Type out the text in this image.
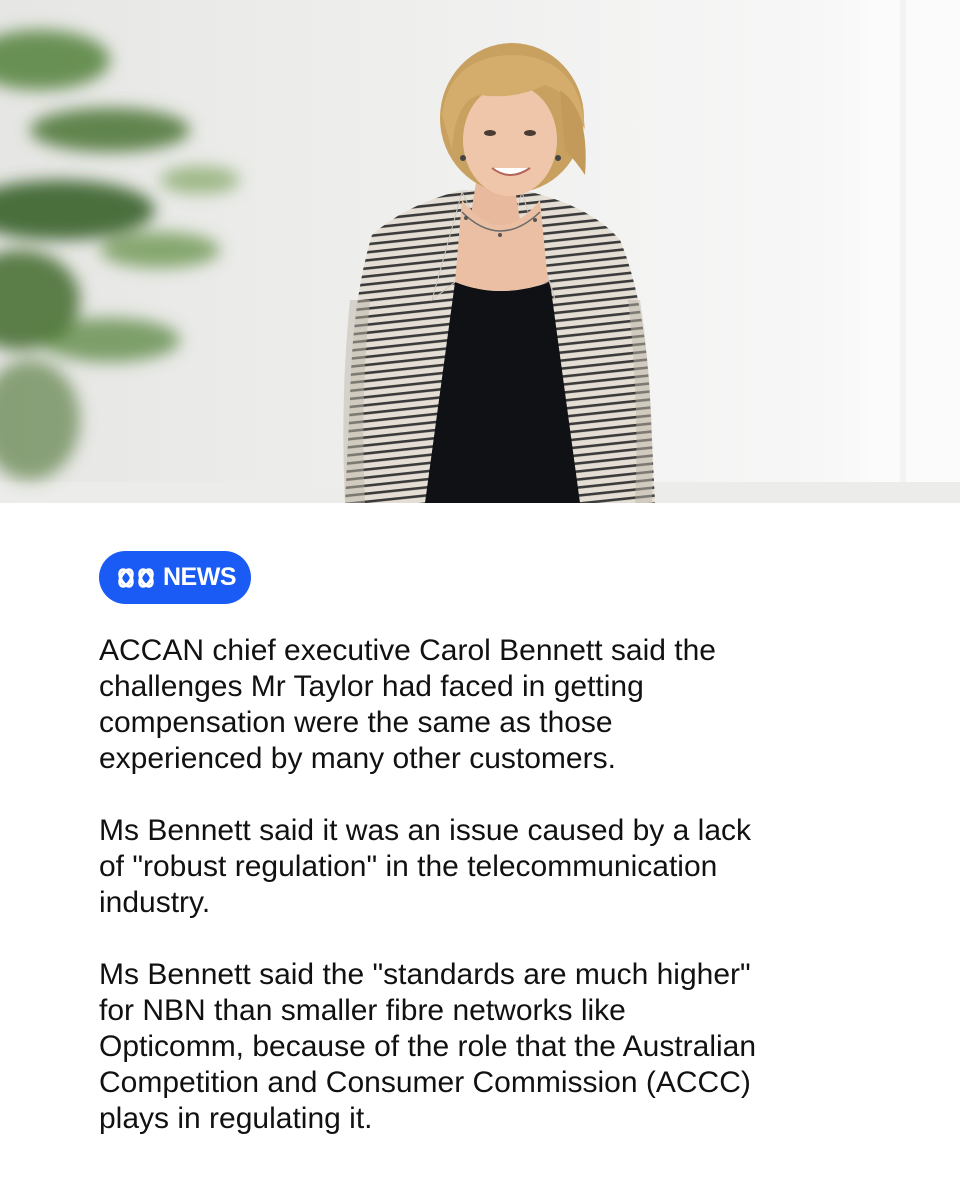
NEWS

ACCAN chief executive Carol Bennett said the
challenges Mr Taylor had faced in getting
compensation were the same as those
experienced by many other customers.

Ms Bennett said it was an issue caused by a lack
of "robust regulation" in the telecommunication
industry.

Ms Bennett said the "standards are much higher"
for NBN than smaller fibre networks like
Opticomm, because of the role that the Australian
Competition and Consumer Commission (ACCC)
plays in regulating it.
